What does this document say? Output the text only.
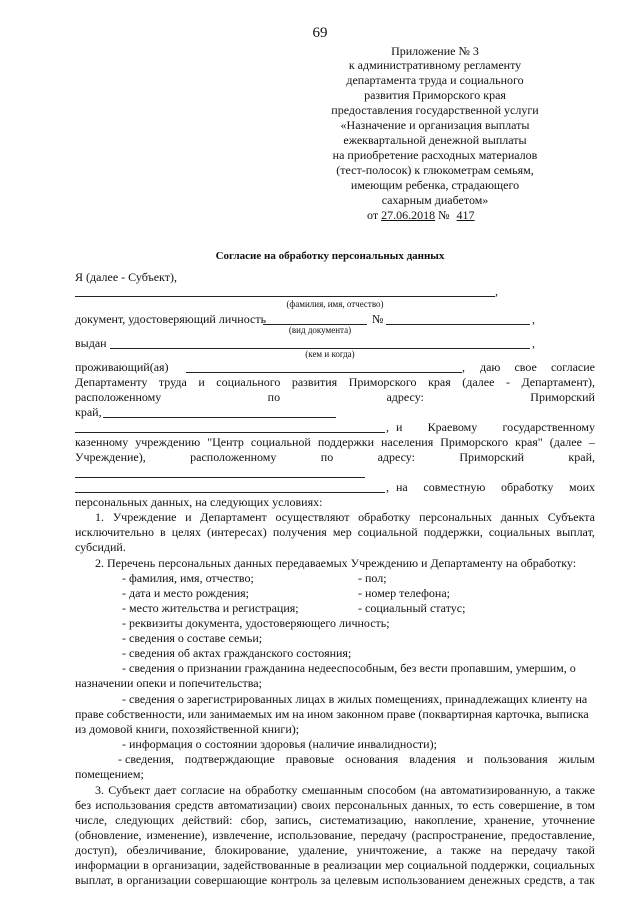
69
Приложение № 3
к административному регламенту
департамента труда и социального
развития Приморского края
предоставления государственной услуги
«Назначение и организация выплаты
ежеквартальной денежной выплаты
на приобретение расходных материалов
(тест-полосок) к глюкометрам семьям,
имеющим ребенка, страдающего
сахарным диабетом»
от 27.06.2018 № 417
Согласие на обработку персональных данных
Я (далее - Субъект),
,
(фамилия, имя, отчество)
документ, удостоверяющий личность	№	,
(вид документа)
выдан	,
(кем и когда)
проживающий(ая)	, даю свое согласие
Департаменту труда и социального развития Приморского края (далее - Департамент),
расположенному	по	адресу:	Приморский
край,
, и Краевому государственному
казенному учреждению "Центр социальной поддержки населения Приморского края" (далее –
Учреждение),	расположенному	по	адресу:	Приморский	край,
, на совместную обработку моих
персональных данных, на следующих условиях:
1. Учреждение и Департамент осуществляют обработку персональных данных Субъекта
исключительно в целях (интересах) получения мер социальной поддержки, социальных выплат,
субсидий.
2. Перечень персональных данных передаваемых Учреждению и Департаменту на обработку:
- фамилия, имя, отчество;	- пол;
- дата и место рождения;	- номер телефона;
- место жительства и регистрация;	- социальный статус;
- реквизиты документа, удостоверяющего личность;
- сведения о составе семьи;
- сведения об актах гражданского состояния;
- сведения о признании гражданина недееспособным, без вести пропавшим, умершим, о
назначении опеки и попечительства;
- сведения о зарегистрированных лицах в жилых помещениях, принадлежащих клиенту на
праве собственности, или занимаемых им на ином законном праве (поквартирная карточка, выписка
из домовой книги, похозяйственной книги);
- информация о состоянии здоровья (наличие инвалидности);
- сведения, подтверждающие правовые основания владения и пользования жилым
помещением;
3. Субъект дает согласие на обработку смешанным способом (на автоматизированную, а также
без использования средств автоматизации) своих персональных данных, то есть совершение, в том
числе, следующих действий: сбор, запись, систематизацию, накопление, хранение, уточнение
(обновление, изменение), извлечение, использование, передачу (распространение, предоставление,
доступ), обезличивание, блокирование, удаление, уничтожение, а также на передачу такой
информации в организации, задействованные в реализации мер социальной поддержки, социальных
выплат, в организации совершающие контроль за целевым использованием денежных средств, а так
